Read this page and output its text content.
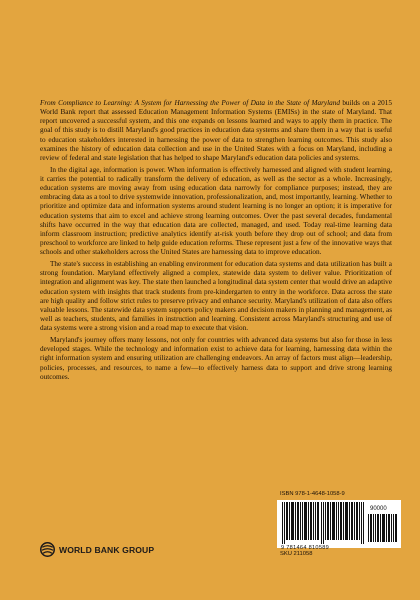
From Compliance to Learning: A System for Harnessing the Power of Data in the State of Maryland builds on a 2015 World Bank report that assessed Education Management Information Systems (EMISs) in the state of Maryland. That report uncovered a successful system, and this one expands on lessons learned and ways to apply them in practice. The goal of this study is to distill Maryland's good practices in education data systems and share them in a way that is useful to education stakeholders interested in harnessing the power of data to strengthen learning outcomes. This study also examines the history of education data collection and use in the United States with a focus on Maryland, including a review of federal and state legislation that has helped to shape Maryland's education data policies and systems.

In the digital age, information is power. When information is effectively harnessed and aligned with student learning, it carries the potential to radically transform the delivery of education, as well as the sector as a whole. Increasingly, education systems are moving away from using education data narrowly for compliance purposes; instead, they are embracing data as a tool to drive systemwide innovation, professionalization, and, most importantly, learning. Whether to prioritize and optimize data and information systems around student learning is no longer an option; it is imperative for education systems that aim to excel and achieve strong learning outcomes. Over the past several decades, fundamental shifts have occurred in the way that education data are collected, managed, and used. Today real-time learning data inform classroom instruction; predictive analytics identify at-risk youth before they drop out of school; and data from preschool to workforce are linked to help guide education reforms. These represent just a few of the innovative ways that schools and other stakeholders across the United States are harnessing data to improve education.

The state's success in establishing an enabling environment for education data systems and data utilization has built a strong foundation. Maryland effectively aligned a complex, statewide data system to deliver value. Prioritization of integration and alignment was key. The state then launched a longitudinal data system center that would drive an adaptive education system with insights that track students from pre-kindergarten to entry in the workforce. Data across the state are high quality and follow strict rules to preserve privacy and enhance security. Maryland's utilization of data also offers valuable lessons. The statewide data system supports policy makers and decision makers in planning and management, as well as teachers, students, and families in instruction and learning. Consistent across Maryland's structuring and use of data systems were a strong vision and a road map to execute that vision.

Maryland's journey offers many lessons, not only for countries with advanced data systems but also for those in less developed stages. While the technology and information exist to achieve data for learning, harnessing data within the right information system and ensuring utilization are challenging endeavors. An array of factors must align—leadership, policies, processes, and resources, to name a few—to effectively harness data to support and drive strong learning outcomes.

ISBN 978-1-4648-1058-9
9 781464 810589
90000
SKU 211058
WORLD BANK GROUP
